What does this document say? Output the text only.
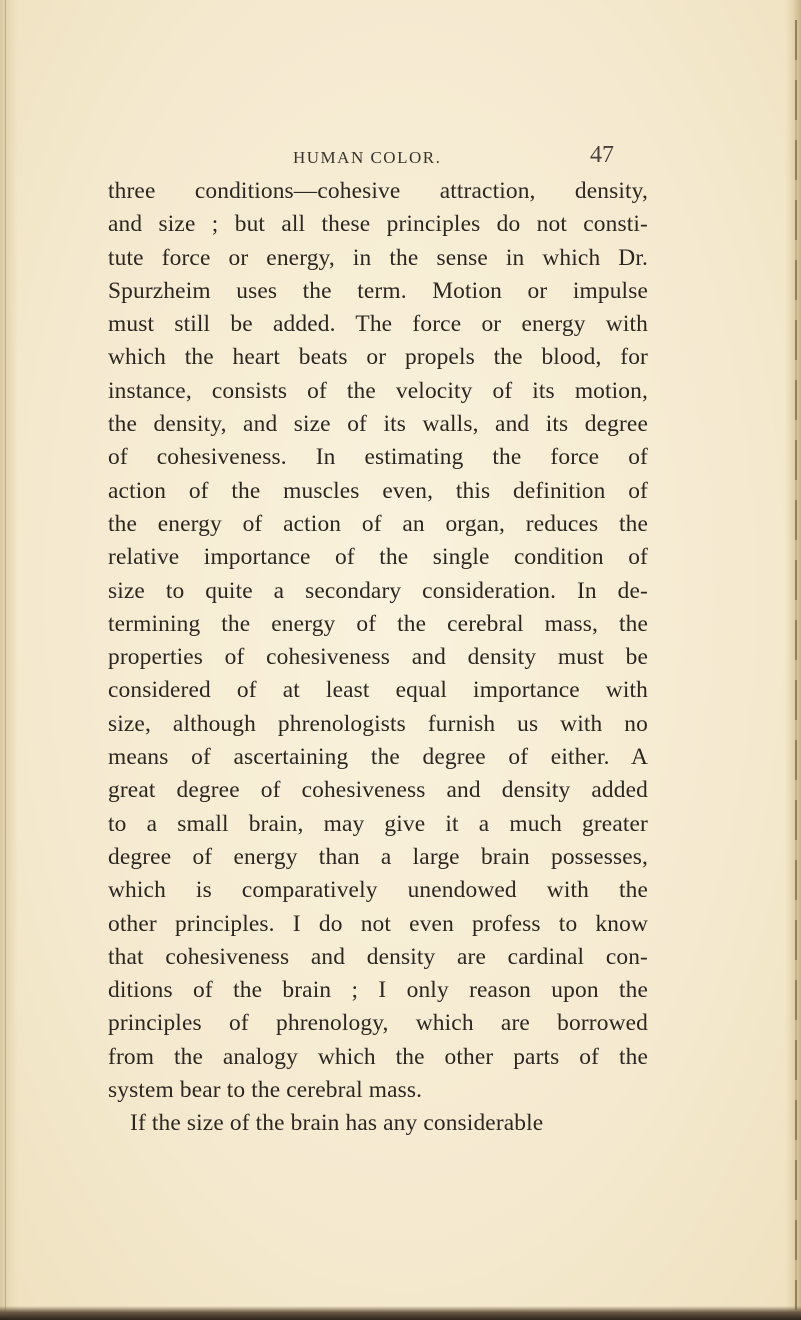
HUMAN COLOR.	47
three conditions—cohesive attraction, density,
and size ; but all these principles do not consti-
tute force or energy, in the sense in which Dr.
Spurzheim uses the term. Motion or impulse
must still be added. The force or energy with
which the heart beats or propels the blood, for
instance, consists of the velocity of its motion,
the density, and size of its walls, and its degree
of cohesiveness. In estimating the force of
action of the muscles even, this definition of
the energy of action of an organ, reduces the
relative importance of the single condition of
size to quite a secondary consideration. In de-
termining the energy of the cerebral mass, the
properties of cohesiveness and density must be
considered of at least equal importance with
size, although phrenologists furnish us with no
means of ascertaining the degree of either. A
great degree of cohesiveness and density added
to a small brain, may give it a much greater
degree of energy than a large brain possesses,
which is comparatively unendowed with the
other principles. I do not even profess to know
that cohesiveness and density are cardinal con-
ditions of the brain ; I only reason upon the
principles of phrenology, which are borrowed
from the analogy which the other parts of the
system bear to the cerebral mass.
If the size of the brain has any considerable
